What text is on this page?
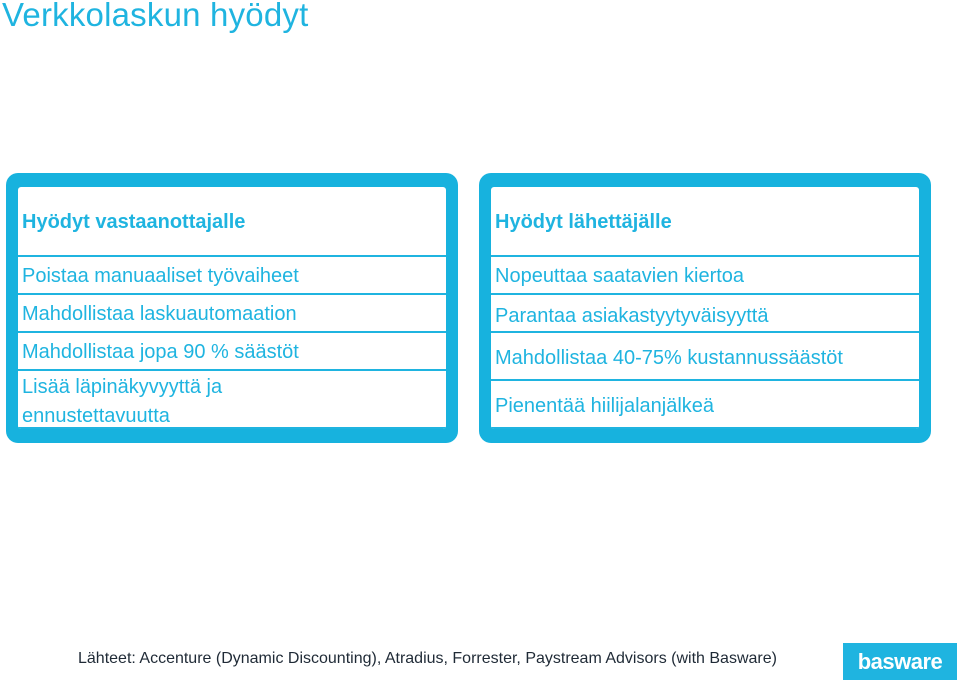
Verkkolaskun hyödyt
Hyödyt vastaanottajalle
Poistaa manuaaliset työvaiheet
Mahdollistaa laskuautomaation
Mahdollistaa jopa 90 % säästöt
Lisää läpinäkyvyyttä ja ennustettavuutta
Hyödyt lähettäjälle
Nopeuttaa saatavien kiertoa
Parantaa asiakastyytyväisyyttä
Mahdollistaa 40-75% kustannussäästöt
Pienentää hiilijalanjälkeä
Lähteet: Accenture (Dynamic Discounting), Atradius, Forrester, Paystream Advisors (with Basware)	basware
